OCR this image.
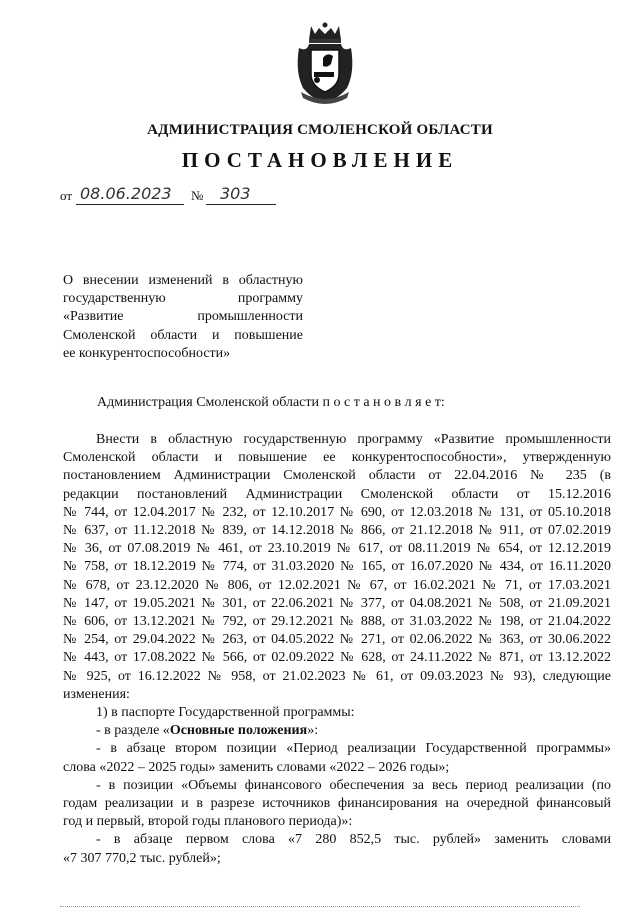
АДМИНИСТРАЦИЯ СМОЛЕНСКОЙ ОБЛАСТИ
ПОСТАНОВЛЕНИЕ
от 08.06.2023 № 303
О внесении изменений в областную
государственную программу
«Развитие промышленности
Смоленской области и повышение
ее конкурентоспособности»
Администрация Смоленской области п о с т а н о в л я е т:
Внести в областную государственную программу «Развитие промышленности
Смоленской области и повышение ее конкурентоспособности», утвержденную
постановлением Администрации Смоленской области от 22.04.2016 № 235 (в
редакции постановлений Администрации Смоленской области от 15.12.2016
№ 744, от 12.04.2017 № 232, от 12.10.2017 № 690, от 12.03.2018 № 131, от 05.10.2018
№ 637, от 11.12.2018 № 839, от 14.12.2018 № 866, от 21.12.2018 № 911, от 07.02.2019
№ 36, от 07.08.2019 № 461, от 23.10.2019 № 617, от 08.11.2019 № 654, от 12.12.2019
№ 758, от 18.12.2019 № 774, от 31.03.2020 № 165, от 16.07.2020 № 434, от 16.11.2020
№ 678, от 23.12.2020 № 806, от 12.02.2021 № 67, от 16.02.2021 № 71, от 17.03.2021
№ 147, от 19.05.2021 № 301, от 22.06.2021 № 377, от 04.08.2021 № 508, от 21.09.2021
№ 606, от 13.12.2021 № 792, от 29.12.2021 № 888, от 31.03.2022 № 198, от 21.04.2022
№ 254, от 29.04.2022 № 263, от 04.05.2022 № 271, от 02.06.2022 № 363, от 30.06.2022
№ 443, от 17.08.2022 № 566, от 02.09.2022 № 628, от 24.11.2022 № 871, от 13.12.2022
№ 925, от 16.12.2022 № 958, от 21.02.2023 № 61, от 09.03.2023 № 93), следующие
изменения:
1) в паспорте Государственной программы:
- в разделе «Основные положения»:
- в абзаце втором позиции «Период реализации Государственной программы»
слова «2022 – 2025 годы» заменить словами «2022 – 2026 годы»;
- в позиции «Объемы финансового обеспечения за весь период реализации (по
годам реализации и в разрезе источников финансирования на очередной финансовый
год и первый, второй годы планового периода)»:
- в абзаце первом слова «7 280 852,5 тыс. рублей» заменить словами
«7 307 770,2 тыс. рублей»;
